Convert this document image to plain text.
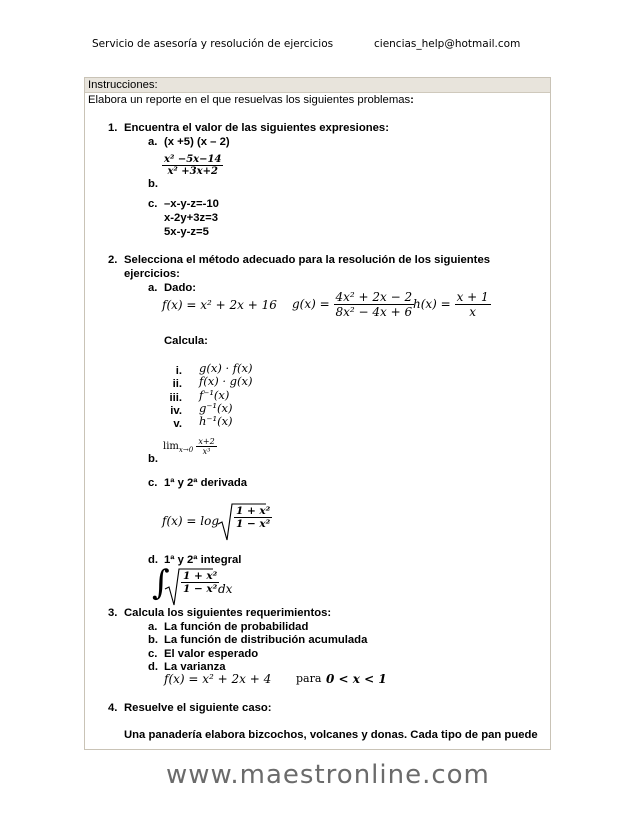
Servicio de asesoría y resolución de ejercicios	ciencias_help@hotmail.com
Instrucciones:
Elabora un reporte en el que resuelvas los siguientes problemas:
1. Encuentra el valor de las siguientes expresiones:
a. (x +5) (x – 2)
$\frac{\text{x² −5x−14}}{\text{x² +3x+2}}$
b.
c. –x-y-z=-10
x-2y+3z=3
5x-y-z=5
2. Selecciona el método adecuado para la resolución de los siguientes
ejercicios:
a. Dado:
f(x) = x² + 2x + 16 $g(x) = \frac{\text{4x² + 2x − 2}}{\text{8x² − 4x + 6}}$
$h(x) = \frac{x + 1}{x}$
Calcula:
i.
ii.
iii.
iv.
v.
g(x) · f(x)
f(x) · g(x)
f⁻¹(x)
g⁻¹(x)
h⁻¹(x)
b.
$\lim_{x\to 0} \frac{x+2}{\text{x³}}$
c. 1ª y 2ª derivada
$f(x) = \log \frac{\text{1 + x²}}{\text{1 − x²}}$
d. 1ª y 2ª integral
∫ $\frac{\text{1 + x²}}{\text{1 − x²}}$
dx
3. Calcula los siguientes requerimientos:
a. La función de probabilidad
b. La función de distribución acumulada
c. El valor esperado
d. La varianza
f(x) = x² + 2x + 4 para 0 < x < 1
4. Resuelve el siguiente caso:
Una panadería elabora bizcochos, volcanes y donas. Cada tipo de pan puede
www.maestronline.com
